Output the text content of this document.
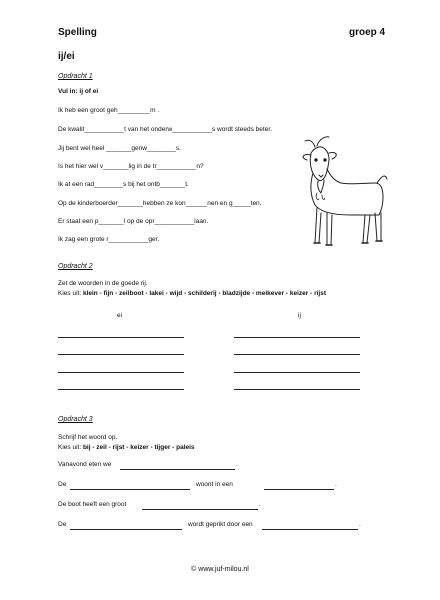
Spelling	groep 4
ij/ei
Opdracht 1
Vul in: ij of ei
Ik heb een groot geh_________m .
De kwalit___________t van het onderw___________s wordt steeds beter.
Jij bent wel heel _______genw________s.
Is het hier wel v_______lig in de tr___________n?
Ik at een rad________s bij het ontb_______t.
Op de kinderboerder_______hebben ze kon______nen en g_____ten.
Er staat een p_______l op de opr___________laan.
Ik zag een grote r___________ger.
Opdracht 2
Zet de woorden in de goede rij.
Kies uit: klein - fijn - zeilboot - lakei - wijd - schilderij - bladzijde - meikever - keizer - rijst
ei	ij
Opdracht 3
Schrijf het woord op.
Kies uit: bij - zeil - rijst - keizer - tijger - paleis
Vanavond eten we	.
De	woont in een	.
De boot heeft een groot	.
De	wordt geprikt door een	.
© www.juf-milou.nl
